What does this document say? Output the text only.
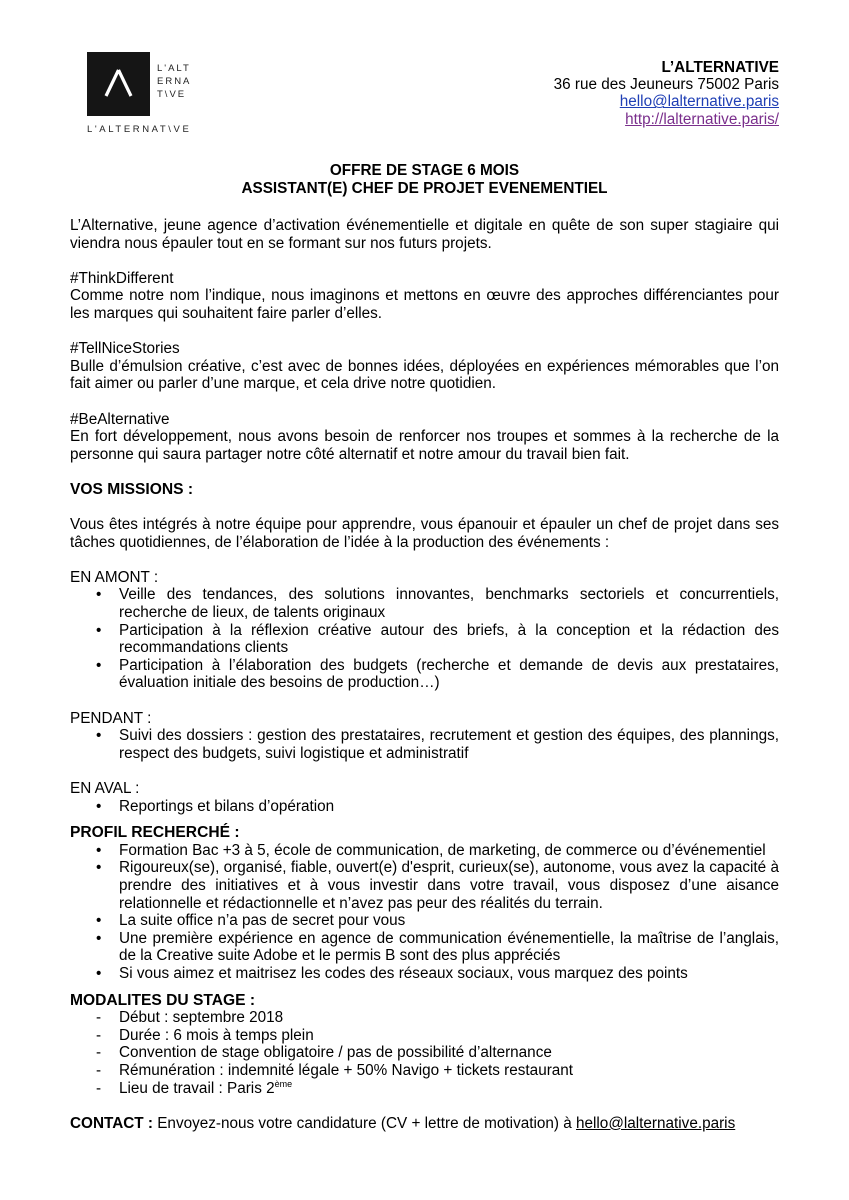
L'ALT
ERNA
T\VE
L'ALTERNAT\VE
L’ALTERNATIVE
36 rue des Jeuneurs 75002 Paris
hello@lalternative.paris
http://lalternative.paris/
OFFRE DE STAGE 6 MOIS
ASSISTANT(E) CHEF DE PROJET EVENEMENTIEL

L’Alternative, jeune agence d’activation événementielle et digitale en quête de son super stagiaire qui viendra nous épauler tout en se formant sur nos futurs projets.

#ThinkDifferent

Comme notre nom l’indique, nous imaginons et mettons en œuvre des approches différenciantes pour les marques qui souhaitent faire parler d’elles.

#TellNiceStories

Bulle d’émulsion créative, c’est avec de bonnes idées, déployées en expériences mémorables que l’on fait aimer ou parler d’une marque, et cela drive notre quotidien.

#BeAlternative

En fort développement, nous avons besoin de renforcer nos troupes et sommes à la recherche de la personne qui saura partager notre côté alternatif et notre amour du travail bien fait.

VOS MISSIONS :

Vous êtes intégrés à notre équipe pour apprendre, vous épanouir et épauler un chef de projet dans ses tâches quotidiennes, de l’élaboration de l’idée à la production des événements :

EN AMONT :

• Veille des tendances, des solutions innovantes, benchmarks sectoriels et concurrentiels, recherche de lieux, de talents originaux
• Participation à la réflexion créative autour des briefs, à la conception et la rédaction des recommandations clients
• Participation à l’élaboration des budgets (recherche et demande de devis aux prestataires, évaluation initiale des besoins de production…)

PENDANT :

• Suivi des dossiers : gestion des prestataires, recrutement et gestion des équipes, des plannings, respect des budgets, suivi logistique et administratif

EN AVAL :

• Reportings et bilans d’opération

PROFIL RECHERCHÉ :

• Formation Bac +3 à 5, école de communication, de marketing, de commerce ou d’événementiel
• Rigoureux(se), organisé, fiable, ouvert(e) d'esprit, curieux(se), autonome, vous avez la capacité à prendre des initiatives et à vous investir dans votre travail, vous disposez d’une aisance relationnelle et rédactionnelle et n’avez pas peur des réalités du terrain.
• La suite office n’a pas de secret pour vous
• Une première expérience en agence de communication événementielle, la maîtrise de l’anglais, de la Creative suite Adobe et le permis B sont des plus appréciés
• Si vous aimez et maitrisez les codes des réseaux sociaux, vous marquez des points

MODALITES DU STAGE :

- Début : septembre 2018
- Durée : 6 mois à temps plein
- Convention de stage obligatoire / pas de possibilité d’alternance
- Rémunération : indemnité légale + 50% Navigo + tickets restaurant
- Lieu de travail : Paris 2ème

CONTACT : Envoyez-nous votre candidature (CV + lettre de motivation) à hello@lalternative.paris
